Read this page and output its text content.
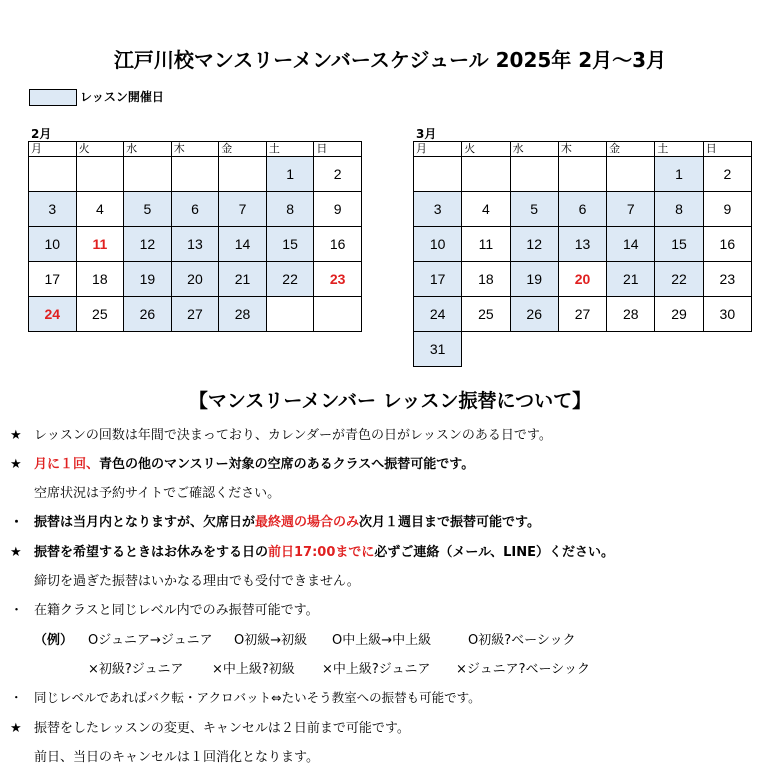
江戸川校マンスリーメンバースケジュール 2025年 2月〜3月
レッスン開催日
2月
月	火	水	木	金	土	日
					1	2
3	4	5	6	7	8	9
10	11	12	13	14	15	16
17	18	19	20	21	22	23
24	25	26	27	28		
3月
月	火	水	木	金	土	日
					1	2
3	4	5	6	7	8	9
10	11	12	13	14	15	16
17	18	19	20	21	22	23
24	25	26	27	28	29	30
31						
【マンスリーメンバー レッスン振替について】
★ レッスンの回数は年間で決まっており、カレンダーが青色の日がレッスンのある日です。
★ 月に１回、青色の他のマンスリー対象の空席のあるクラスへ振替可能です。
空席状況は予約サイトでご確認ください。
・ 振替は当月内となりますが、欠席日が最終週の場合のみ次月１週目まで振替可能です。
★ 振替を希望するときはお休みをする日の前日17:00までに必ずご連絡（メール、LINE）ください。
締切を過ぎた振替はいかなる理由でも受付できません。
・ 在籍クラスと同じレベル内でのみ振替可能です。
（例） Oジュニア→ジュニア O初級→初級 O中上級→中上級	O初級?ベーシック
×初級?ジュニア ×中上級?初級 ×中上級?ジュニア ×ジュニア?ベーシック
・ 同じレベルであればバク転・アクロバット⇔たいそう教室への振替も可能です。
★ 振替をしたレッスンの変更、キャンセルは２日前まで可能です。
前日、当日のキャンセルは１回消化となります。
